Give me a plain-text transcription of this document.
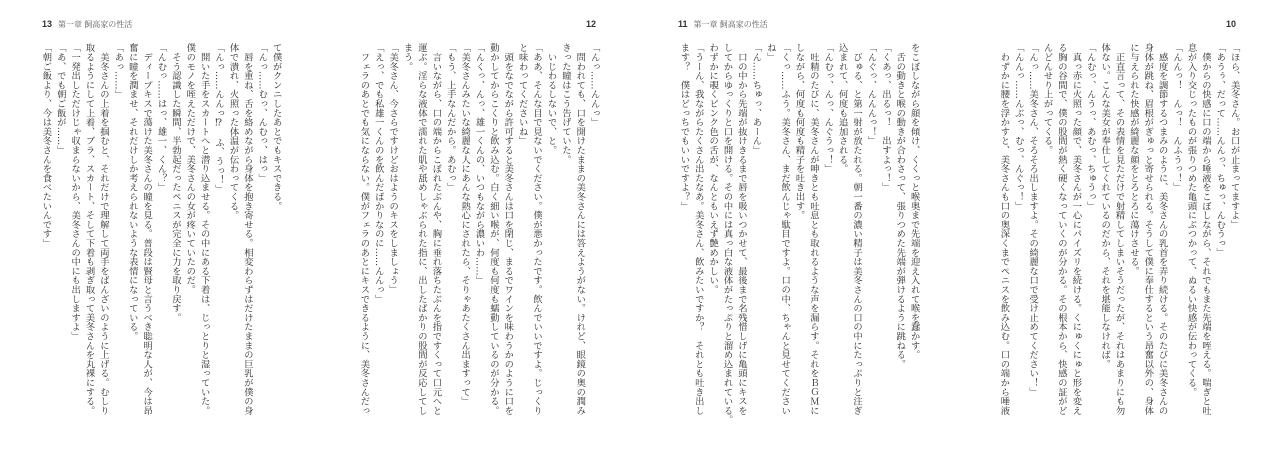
13 第一章 飼高家の性活
て僕がクンニしたあとでもキスできる。
「んっ……むっ、んむっ、はっ」
　唇を重ね、舌を絡めながら身体を抱き寄せる。相変わらずはだけたままの巨乳が僕の身
体で潰れ、火照った体温が伝わってくる。
「んっ……んんっ⁉　ふ、うっ！」
　開いた手をスカートへと潜り込ませる。その中にある下着は、じっとりと湿っていた。
僕のモノを咥えただけで、美冬さんの女が疼いていたのだ。
　そう認識した瞬間、半勃起だったペニスが完全に力を取り戻す。
「んむっ……はっ、雄一、くん？」
　ディープキスで蕩けた美冬さんの瞳を見る。普段は賢母と言うべき聡明な人が、今は昂
奮に瞳を潤ませ、それだけしか考えられないような表情になっている。
「あっ……」
　美冬さんの上着を掴むと、それだけで理解して両手をばんざいのように上げる。むしり
取るようにして上着、ブラ、スカート、そして下着も剥ぎ取って美冬さんを丸裸にする。
「一発出しただけじゃ収まらないから、美冬さんの中にも出しますよ」
「あ、でも朝ご飯が……」
「朝ご飯より、今は美冬さんを食べたいんです」
12
「んっ……んんっ」
　問われても、口を開けたままの美冬さんには答えようがない。けれど、眼鏡の奥の潤み
きった瞳はこう告げていた。
　いじわるしないで、と。
「ああ、そんな目で見ないでください。僕が悪かったです。飲んでいいですよ。じっくり
と味わってくださいね」
　頭をなでながら許可すると美冬さんは口を閉じ、まるでワインを味わうかのように口を
動かしてからこくりと飲み込む。白く細い喉が、何度も何度も蠕動しているのが分かる。
「んくっ、んっ、雄一くんの、いつもながら濃いわ……」
「美冬さんみたいな綺麗な人にあんな熱心にされたら、そりゃあたくさん出ますって」
「もう、上手なんだから。あむっ」
　言いながら、口の端からこぼれたぶんや、胸に垂れ落ちたぶんを指ですくって口元へと
運ぶ。淫らな液体で濡れた肌や舐めしゃぶられた指に、出したばかりの股間が反応してし
まう。
「美冬さん、今さらですけどおはようのキスをしましょう」
「えっ、でも私雄一くんのを飲んだばかりなのに……んんっ」
　フェラのあとでも気にならない。僕がフェラのあとにキスできるように、美冬さんだっ
11 第一章 飼高家の性活
をこぼしながら顔を傾け、くくっと喉奥まで先端を迎え入れて喉を蠢かす。
　舌の動きと喉の動きが合わさって、張りつめた先端が弾けるように跳ねる。
「くあっ、出るっ！　出すよっ！」
「んぐっ、んんんっ！」
　びゅる、と第一射が放たれる。朝一番の濃い精子は美冬さんの口の中にたっぷりと注ぎ
込まれて、何度も追加される。
「んむっ、んっ、んぐうっ！」
　吐精のたびに、美冬さんが呻きとも吐息とも取れるような声を漏らす。それをＢＧＭに
しながら、何度も何度も精子を吐き出す。
「くっ……ふう。美冬さん、まだ飲んじゃ駄目ですよ。口の中、ちゃんと見せてください
ね」
「ん……ちゅっ、あーん」
　口の中から先端が抜けきるまで唇を吸いつかせて、最後まで名残惜しげに亀頭にキスを
してからゆっくりと口を開ける。その中には真っ白な液体がたっぷりと溜め込まれている。
わずかに覗くピンク色の舌が、なんともいえず艶めかしい。
「うーん、我ながらたくさん出たなあ。美冬さん、飲みたいですか？　それとも吐き出し
ます？　僕はどっちでもいいですよ？」
10
「ほら、美冬さん。お口が止まってますよ」
「あうぅ、だって……んんっ、ちゅっ、んむうっ」
　僕からの快感に口の端から唾液をこぼしながら、それでもまた先端を咥える。喘ぎと吐
息が入り交じったものが張りつめた亀頭にぶつかって、ぬるい快感が伝わってくる。
「んんっ！　んっ！　んふうっ！」
　感度を調節するつまみのように、美冬さんの乳首を弄り続ける。そのたびに美冬さんの
身体が跳ね、眉根がぎゅっと寄せられる。そうして僕に奉仕するという昂奮以外の、身体
に与えられた快感が綺麗な顔をとろとろに蕩けさせる。
　正直言って、その表情を見ただけで射精してしまいそうだったが、それはあまりにも勿
体ない。こんな美女が奉仕してくれているのだから、それを堪能しなければ。
「んむっ、んうっ、あむっ、ちゅうっ」
　真っ赤に火照った顔で、美冬さんが一心にパイズリを続ける。くにゅくにゅと形を変え
る胸の谷間で、僕の股間が熱く硬くなっていくのが分かる。その根本から、快感の証がど
んどんせり上がってくる。
「んっ……美冬さん、そろそろ出しますよ。その綺麗な口で受け止めてください！」
「んんっ……んぶっ、むっ、んぐっ！」
　わずかに腰を浮かすと、美冬さんも口の奥深くまでペニスを飲み込む。口の端から唾液
